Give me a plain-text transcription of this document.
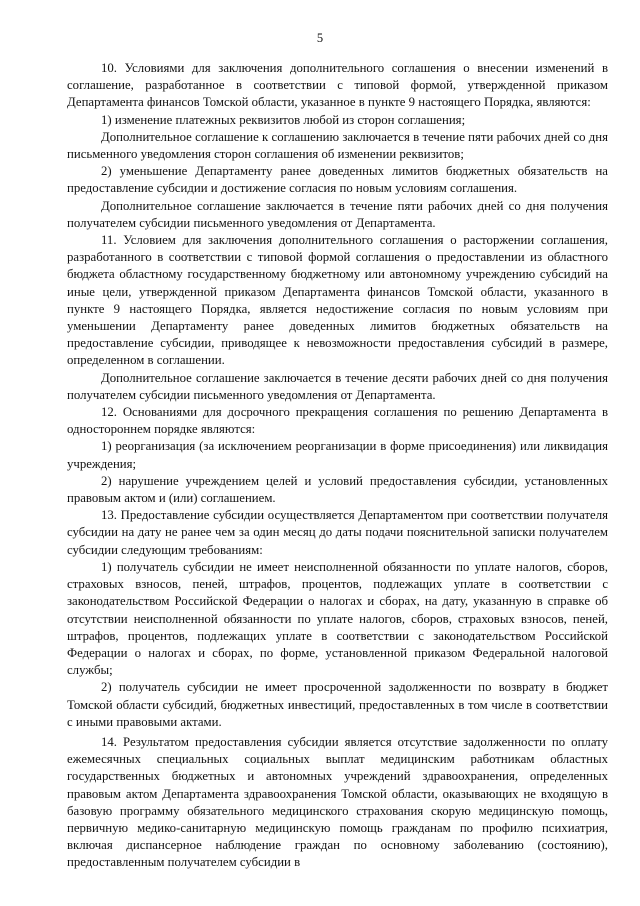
5

10. Условиями для заключения дополнительного соглашения о внесении изменений в соглашение, разработанное в соответствии с типовой формой, утвержденной приказом Департамента финансов Томской области, указанное в пункте 9 настоящего Порядка, являются:

1) изменение платежных реквизитов любой из сторон соглашения;

Дополнительное соглашение к соглашению заключается в течение пяти рабочих дней со дня письменного уведомления сторон соглашения об изменении реквизитов;

2) уменьшение Департаменту ранее доведенных лимитов бюджетных обязательств на предоставление субсидии и достижение согласия по новым условиям соглашения.

Дополнительное соглашение заключается в течение пяти рабочих дней со дня получения получателем субсидии письменного уведомления от Департамента.

11. Условием для заключения дополнительного соглашения о расторжении соглашения, разработанного в соответствии с типовой формой соглашения о предоставлении из областного бюджета областному государственному бюджетному или автономному учреждению субсидий на иные цели, утвержденной приказом Департамента финансов Томской области, указанного в пункте 9 настоящего Порядка, является недостижение согласия по новым условиям при уменьшении Департаменту ранее доведенных лимитов бюджетных обязательств на предоставление субсидии, приводящее к невозможности предоставления субсидий в размере, определенном в соглашении.

Дополнительное соглашение заключается в течение десяти рабочих дней со дня получения получателем субсидии письменного уведомления от Департамента.

12. Основаниями для досрочного прекращения соглашения по решению Департамента в одностороннем порядке являются:

1) реорганизация (за исключением реорганизации в форме присоединения) или ликвидация учреждения;

2) нарушение учреждением целей и условий предоставления субсидии, установленных правовым актом и (или) соглашением.

13. Предоставление субсидии осуществляется Департаментом при соответствии получателя субсидии на дату не ранее чем за один месяц до даты подачи пояснительной записки получателем субсидии следующим требованиям:

1) получатель субсидии не имеет неисполненной обязанности по уплате налогов, сборов, страховых взносов, пеней, штрафов, процентов, подлежащих уплате в соответствии с законодательством Российской Федерации о налогах и сборах, на дату, указанную в справке об отсутствии неисполненной обязанности по уплате налогов, сборов, страховых взносов, пеней, штрафов, процентов, подлежащих уплате в соответствии с законодательством Российской Федерации о налогах и сборах, по форме, установленной приказом Федеральной налоговой службы;

2) получатель субсидии не имеет просроченной задолженности по возврату в бюджет Томской области субсидий, бюджетных инвестиций, предоставленных в том числе в соответствии с иными правовыми актами.

14. Результатом предоставления субсидии является отсутствие задолженности по оплату ежемесячных специальных социальных выплат медицинским работникам областных государственных бюджетных и автономных учреждений здравоохранения, определенных правовым актом Департамента здравоохранения Томской области, оказывающих не входящую в базовую программу обязательного медицинского страхования скорую медицинскую помощь, первичную медико-санитарную медицинскую помощь гражданам по профилю психиатрия, включая диспансерное наблюдение граждан по основному заболеванию (состоянию), предоставленным получателем субсидии в
